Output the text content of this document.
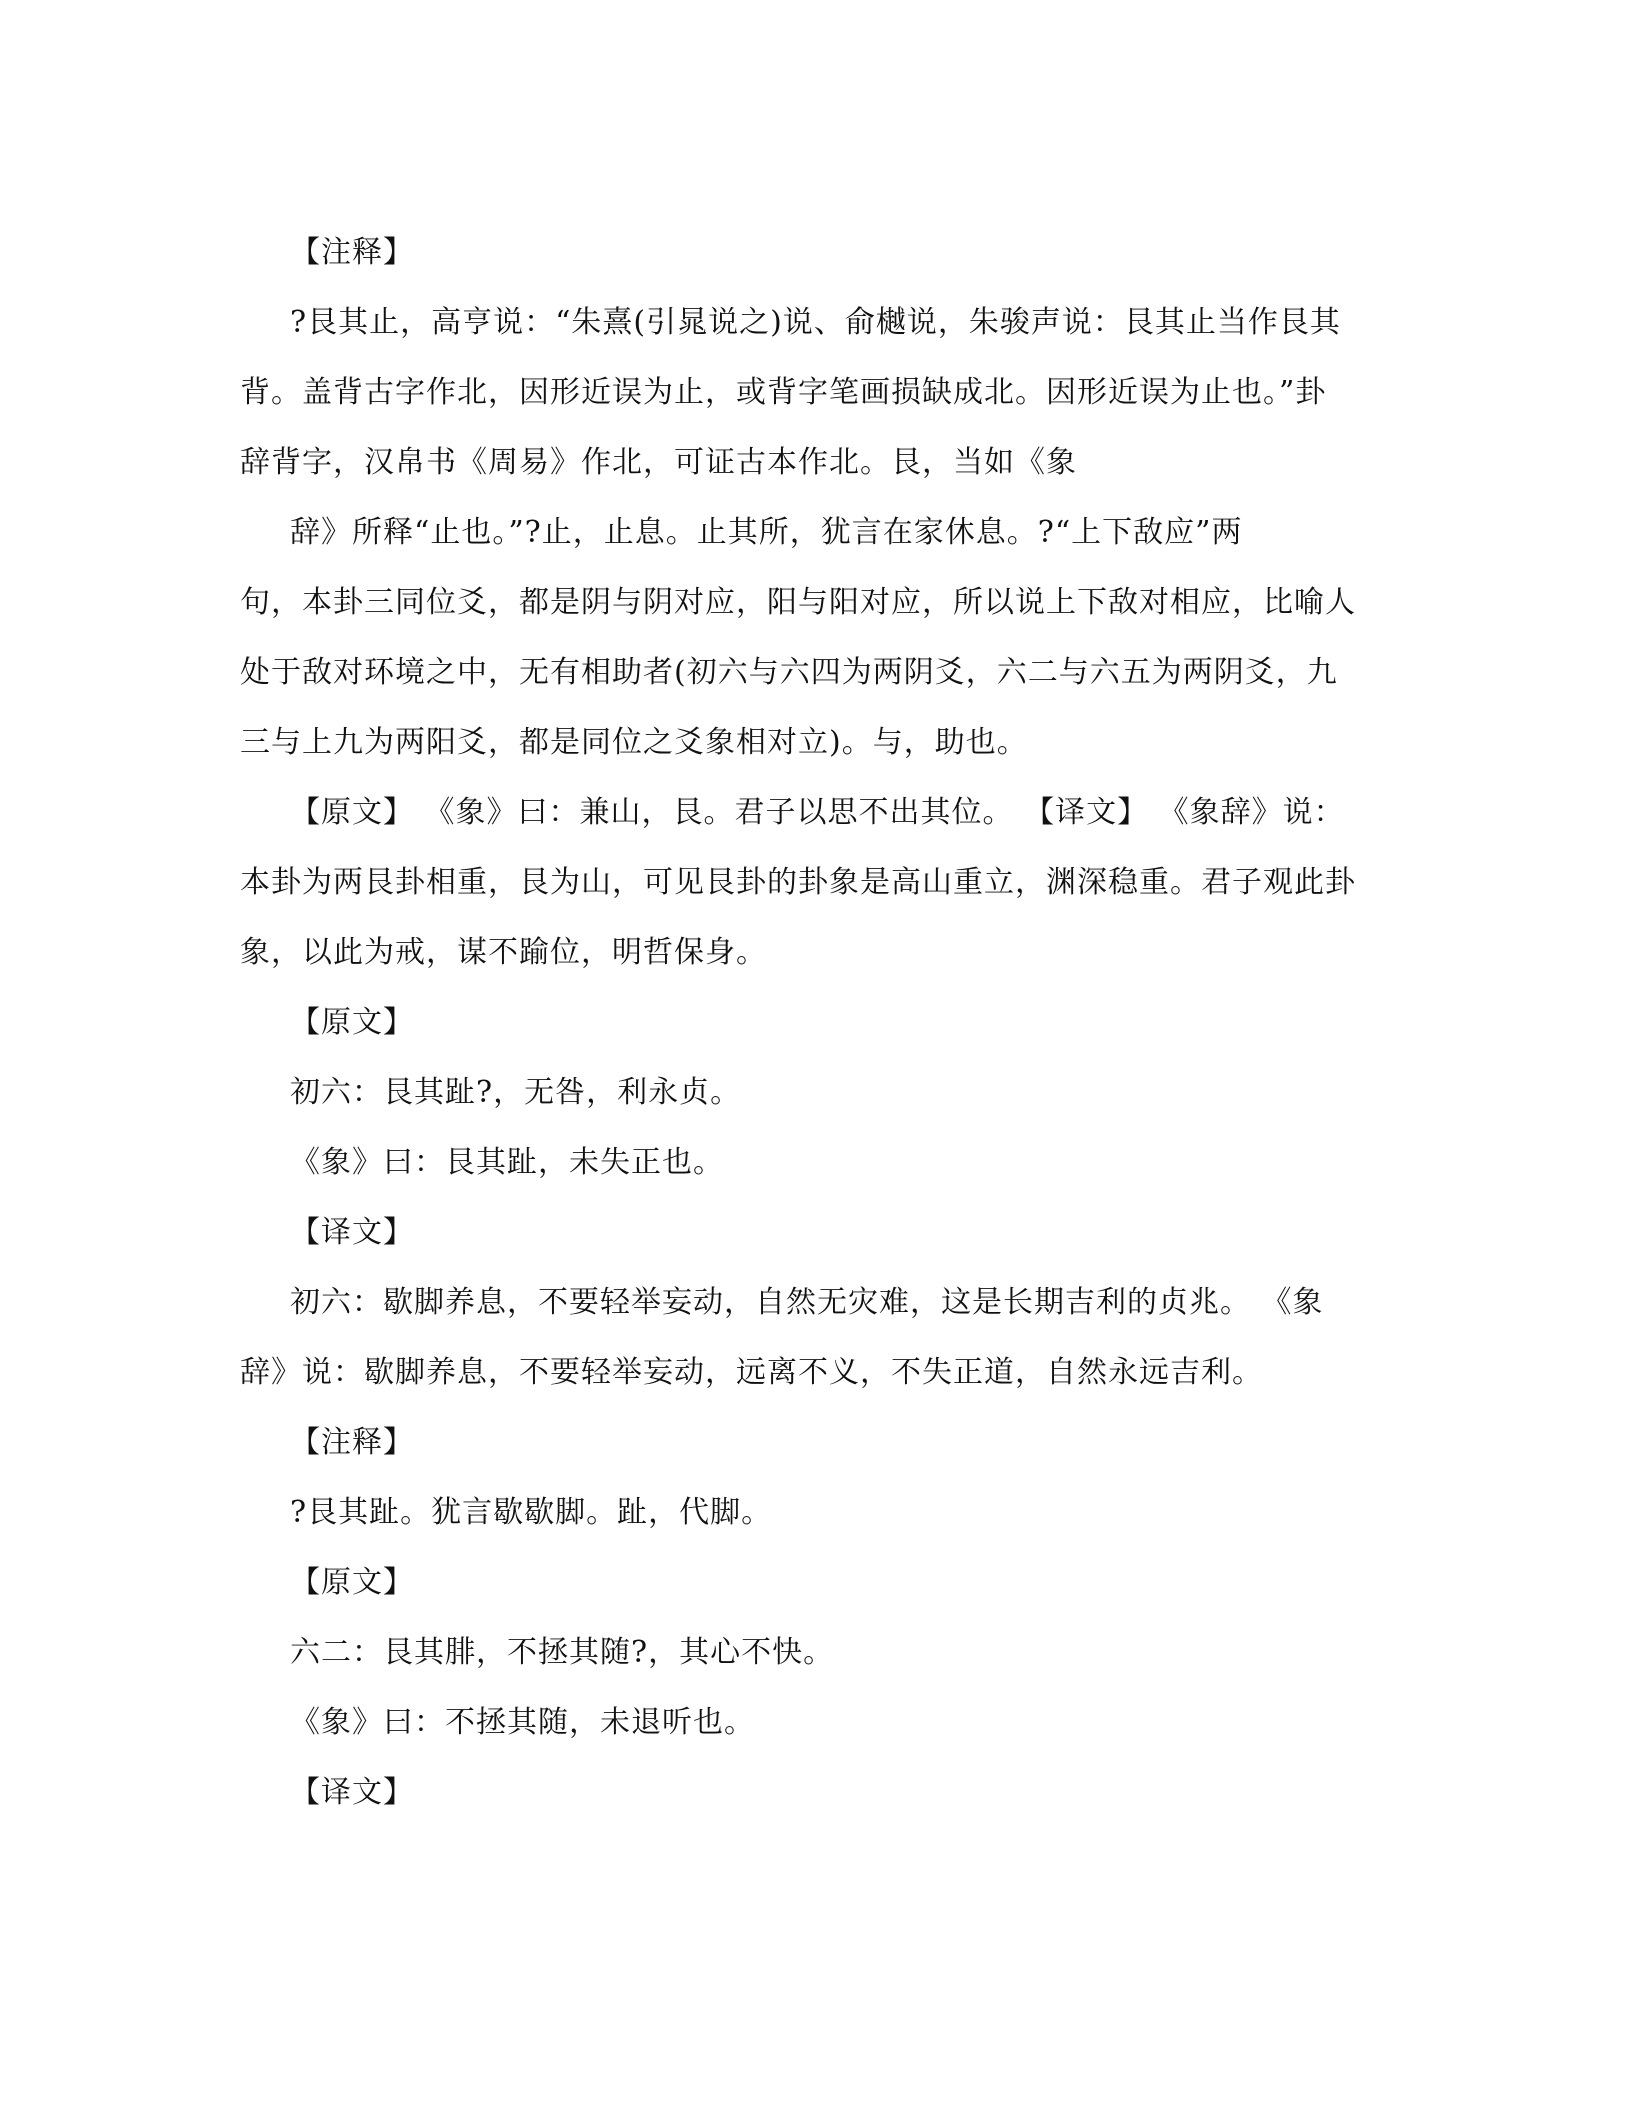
【注释】
?艮其止，高亨说：“朱熹(引晁说之)说、俞樾说，朱骏声说：艮其止当作艮其
背。盖背古字作北，因形近误为止，或背字笔画损缺成北。因形近误为止也。”卦
辞背字，汉帛书《周易》作北，可证古本作北。艮，当如《象
辞》所释“止也。”?止，止息。止其所，犹言在家休息。?“上下敌应”两
句，本卦三同位爻，都是阴与阴对应，阳与阳对应，所以说上下敌对相应，比喻人
处于敌对环境之中，无有相助者(初六与六四为两阴爻，六二与六五为两阴爻，九
三与上九为两阳爻，都是同位之爻象相对立)。与，助也。
【原文】 《象》曰：兼山，艮。君子以思不出其位。 【译文】 《象辞》说：
本卦为两艮卦相重，艮为山，可见艮卦的卦象是高山重立，渊深稳重。君子观此卦
象，以此为戒，谋不踰位，明哲保身。
【原文】
初六：艮其趾?，无咎，利永贞。
《象》曰：艮其趾，未失正也。
【译文】
初六：歇脚养息，不要轻举妄动，自然无灾难，这是长期吉利的贞兆。 《象
辞》说：歇脚养息，不要轻举妄动，远离不义，不失正道，自然永远吉利。
【注释】
?艮其趾。犹言歇歇脚。趾，代脚。
【原文】
六二：艮其腓，不拯其随?，其心不快。
《象》曰：不拯其随，未退听也。
【译文】
